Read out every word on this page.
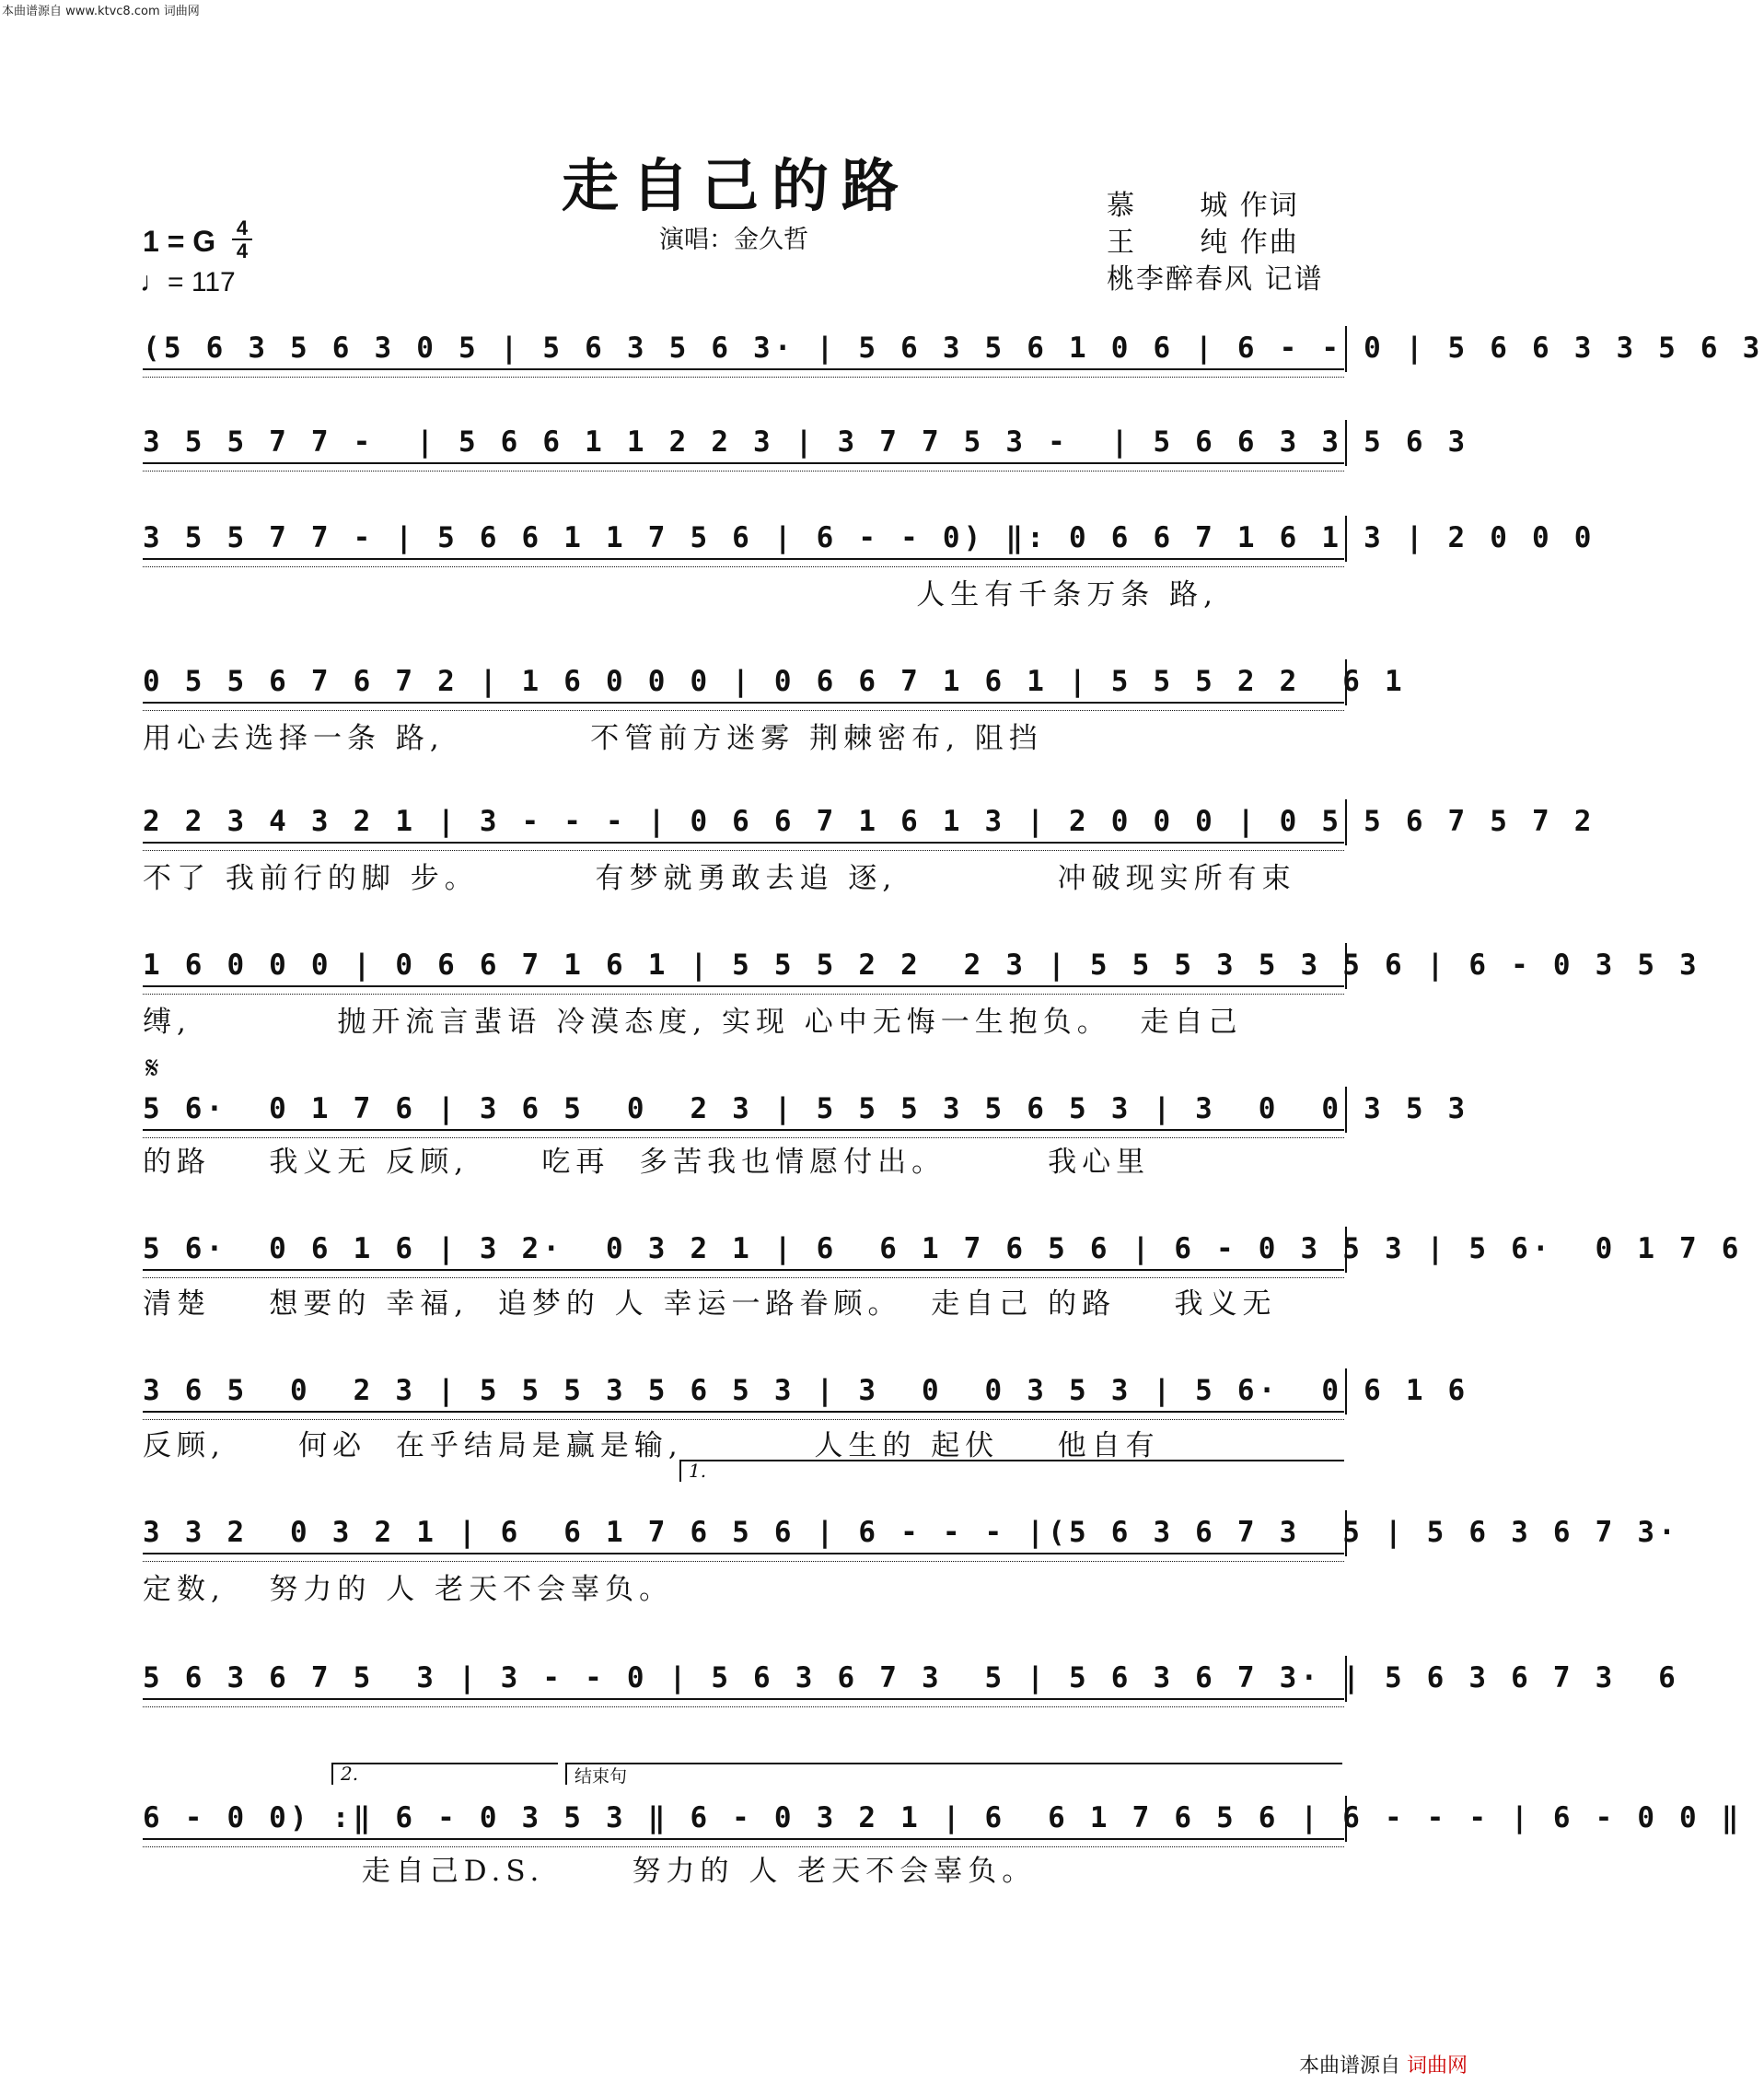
本曲谱源自 www.ktvc8.com 词曲网
走自己的路
演唱：金久哲
慕      城 作词
王      纯 作曲
桃李醉春风 记谱
1 = G	4
4
♩= 117
(5 6 3 5 6 3 0 5 | 5 6 3 5 6 3· | 5 6 3 5 6 1 0 6 | 6 - - 0 | 5 6 6 3 3 5 6 3
3 5 5 7 7 -  | 5 6 6 1 1 2 2 3 | 3 7 7 5 3 -  | 5 6 6 3 3 5 6 3
3 5 5 7 7 - | 5 6 6 1 1 7 5 6 | 6 - - 0) ‖: 0 6 6 7 1 6 1 3 | 2 0 0 0
人生有千条万条 路,
0 5 5 6 7 6 7 2 | 1 6 0 0 0 | 0 6 6 7 1 6 1 | 5 5 5 2 2  6 1
用心去选择一条 路,          不管前方迷雾 荆棘密布, 阻挡
2 2 3 4 3 2 1 | 3 - - - | 0 6 6 7 1 6 1 3 | 2 0 0 0 | 0 5 5 6 7 5 7 2
不了 我前行的脚 步。        有梦就勇敢去追 逐,           冲破现实所有束
1 6 0 0 0 | 0 6 6 7 1 6 1 | 5 5 5 2 2  2 3 | 5 5 5 3 5 3 5 6 | 6 - 0 3 5 3
缚,          抛开流言蜚语 冷漠态度, 实现 心中无悔一生抱负。  走自己
𝄋
5 6·  0 1 7 6 | 3 6 5  0  2 3 | 5 5 5 3 5 6 5 3 | 3  0  0 3 5 3
的路    我义无 反顾,     吃再  多苦我也情愿付出。       我心里
5 6·  0 6 1 6 | 3 2·  0 3 2 1 | 6  6 1 7 6 5 6 | 6 - 0 3 5 3 | 5 6·  0 1 7 6
清楚    想要的 幸福,  追梦的 人 幸运一路眷顾。  走自己 的路    我义无
3 6 5  0  2 3 | 5 5 5 3 5 6 5 3 | 3  0  0 3 5 3 | 5 6·  0 6 1 6
反顾,     何必  在乎结局是赢是输,         人生的 起伏    他自有
1.
3 3 2  0 3 2 1 | 6  6 1 7 6 5 6 | 6 - - - |(5 6 3 6 7 3  5 | 5 6 3 6 7 3·
定数,   努力的 人 老天不会辜负。
5 6 3 6 7 5  3 | 3 - - 0 | 5 6 3 6 7 3  5 | 5 6 3 6 7 3· | 5 6 3 6 7 3  6
2.	结束句
6 - 0 0) :‖ 6 - 0 3 5 3 ‖ 6 - 0 3 2 1 | 6  6 1 7 6 5 6 | 6 - - - | 6 - 0 0 ‖
走自己D.S.      努力的 人 老天不会辜负。
本曲谱源自 词曲网
